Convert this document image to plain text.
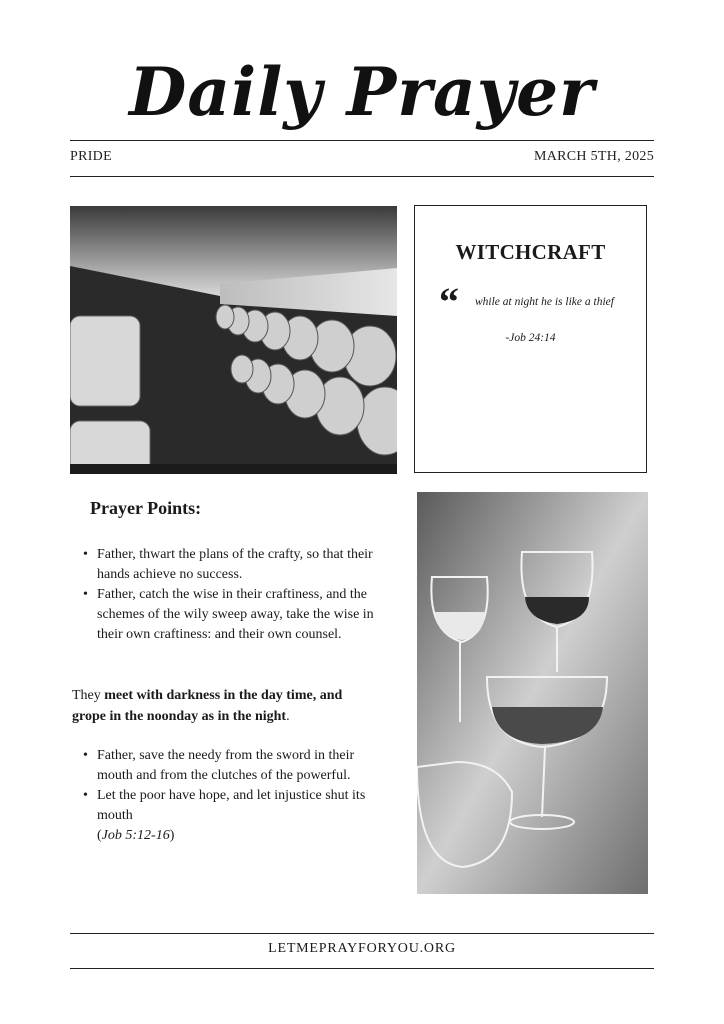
Daily Prayer
PRIDE	MARCH 5TH, 2025
WITCHCRAFT
“ while at night he is like a thief
-Job 24:14
Prayer Points:
• Father, thwart the plans of the crafty, so that their hands achieve no success.
• Father, catch the wise in their craftiness, and the schemes of the wily sweep away, take the wise in their own craftiness: and their own counsel.
They meet with darkness in the day time, and grope in the noonday as in the night.
• Father, save the needy from the sword in their mouth and from the clutches of the powerful.
• Let the poor have hope, and let injustice shut its mouth
(Job 5:12-16)
LETMEPRAYFORYOU.ORG
